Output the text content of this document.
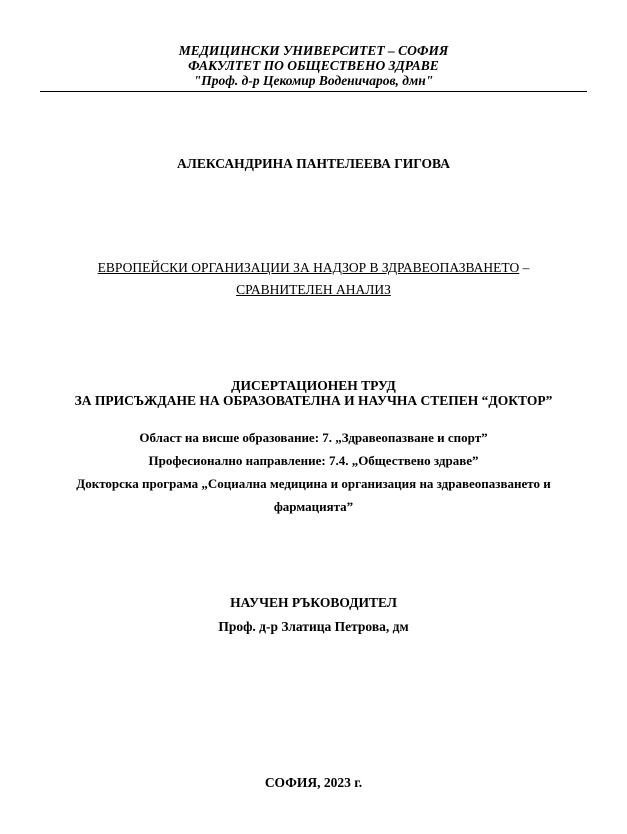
МЕДИЦИНСКИ УНИВЕРСИТЕТ – СОФИЯ
ФАКУЛТЕТ ПО ОБЩЕСТВЕНО ЗДРАВЕ
"Проф. д-р Цекомир Воденичаров, дмн"
АЛЕКСАНДРИНА ПАНТЕЛЕЕВА ГИГОВА
ЕВРОПЕЙСКИ ОРГАНИЗАЦИИ ЗА НАДЗОР В ЗДРАВЕОПАЗВАНЕТО –
СРАВНИТЕЛЕН АНАЛИЗ
ДИСЕРТАЦИОНЕН ТРУД
ЗА ПРИСЪЖДАНЕ НА ОБРАЗОВАТЕЛНА И НАУЧНА СТЕПЕН “ДОКТОР”
Област на висше образование: 7. „Здравеопазване и спорт”
Професионално направление: 7.4. „Обществено здраве”
Докторска програма „Социална медицина и организация на здравеопазването и
фармацията”
НАУЧЕН РЪКОВОДИТЕЛ
Проф. д-р Златица Петрова, дм
СОФИЯ, 2023 г.
